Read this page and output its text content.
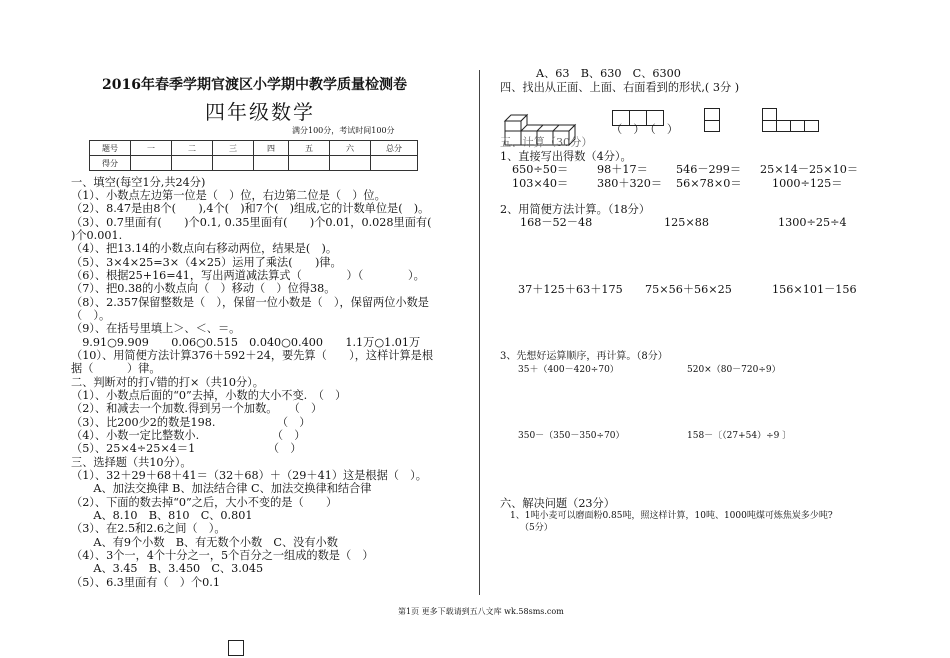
2016年春季学期官渡区小学期中教学质量检测卷
四年级数学
满分100分，考试时间100分
题号	一	二	三	四	五	六	总分
得分							
一、填空(每空1分,共24分)
（1）、小数点左边第一位是（　）位，右边第二位是（　）位。
（2）、8.47是由8个(　　),4个(　)和7个(　)组成,它的计数单位是(　)。
（3）、0.7里面有(　　)个0.1, 0.35里面有(　　)个0.01，0.028里面有(
)个0.001.
（4）、把13.14的小数点向右移动两位，结果是(　)。
（5）、3×4×25=3×（4×25）运用了乘法(　　)律。
（6）、根据25+16=41，写出两道减法算式（　　　　）（　　　　）。
（7）、把0.38的小数点向（　）移动（　）位得38。
（8）、2.357保留整数是（　），保留一位小数是（　），保留两位小数是
（　）。
（9）、在括号里填上＞、＜、＝。
　9.91○9.909　　0.06○0.515　0.040○0.400　　1.1万○1.01万
（10）、用简便方法计算376＋592＋24，要先算（　　），这样计算是根
据（　　　）律。
二、判断对的打√错的打×（共10分）。
（1）、小数点后面的“0”去掉，小数的大小不变.　（　）
（2）、和减去一个加数.得到另一个加数。　　（　）
（3）、比200少2的数是198.　　　　　　（　）
（4）、小数一定比整数小.　　　　　　　（　）
（5）、25×4÷25×4＝1　　　　　　　（　）
三、选择题（共10分）。
（1）、32＋29＋68＋41＝（32＋68）＋（29＋41）这是根据（　）。
　　A、加法交换律 B、加法结合律 C、加法交换律和结合律
（2）、下面的数去掉“0”之后，大小不变的是（　　）
　　A、8.10　B、810　C、0.801
（3）、在2.5和2.6之间（　）。
　　A、有9个小数　B、有无数个小数　C、没有小数
（4）、3个一，4个十分之一，5个百分之一组成的数是（　）
　　A、3.45　B、3.450　C、3.045
（5）、6.3里面有（　）个0.1
A、63　B、630　C、6300
四、找出从正面、上面、右面看到的形状,( 3分 )
（　）　（　）
五、计算（30分）
1、直接写出得数（4分）。
650÷50＝	98＋17＝	546－299＝ 25×14－25×10＝
103×40＝	380＋320＝ 56×78×0＝	1000÷125＝
2、用简便方法计算。（18分）
168－52－48	125×88	1300÷25÷4
37＋125＋63＋175 75×56＋56×25	156×101－156
3、先想好运算顺序，再计算。（8分）
35＋（400－420÷70）	520×（80－720÷9）
350－（350－350÷70）	158－〔（27+54）÷9 〕
六、解决问题（23分）
1、1吨小麦可以磨面粉0.85吨，照这样计算，10吨、1000吨煤可炼焦炭多少吨?
（5分）
第1页 更多下载请到五八文库 wk.58sms.com
